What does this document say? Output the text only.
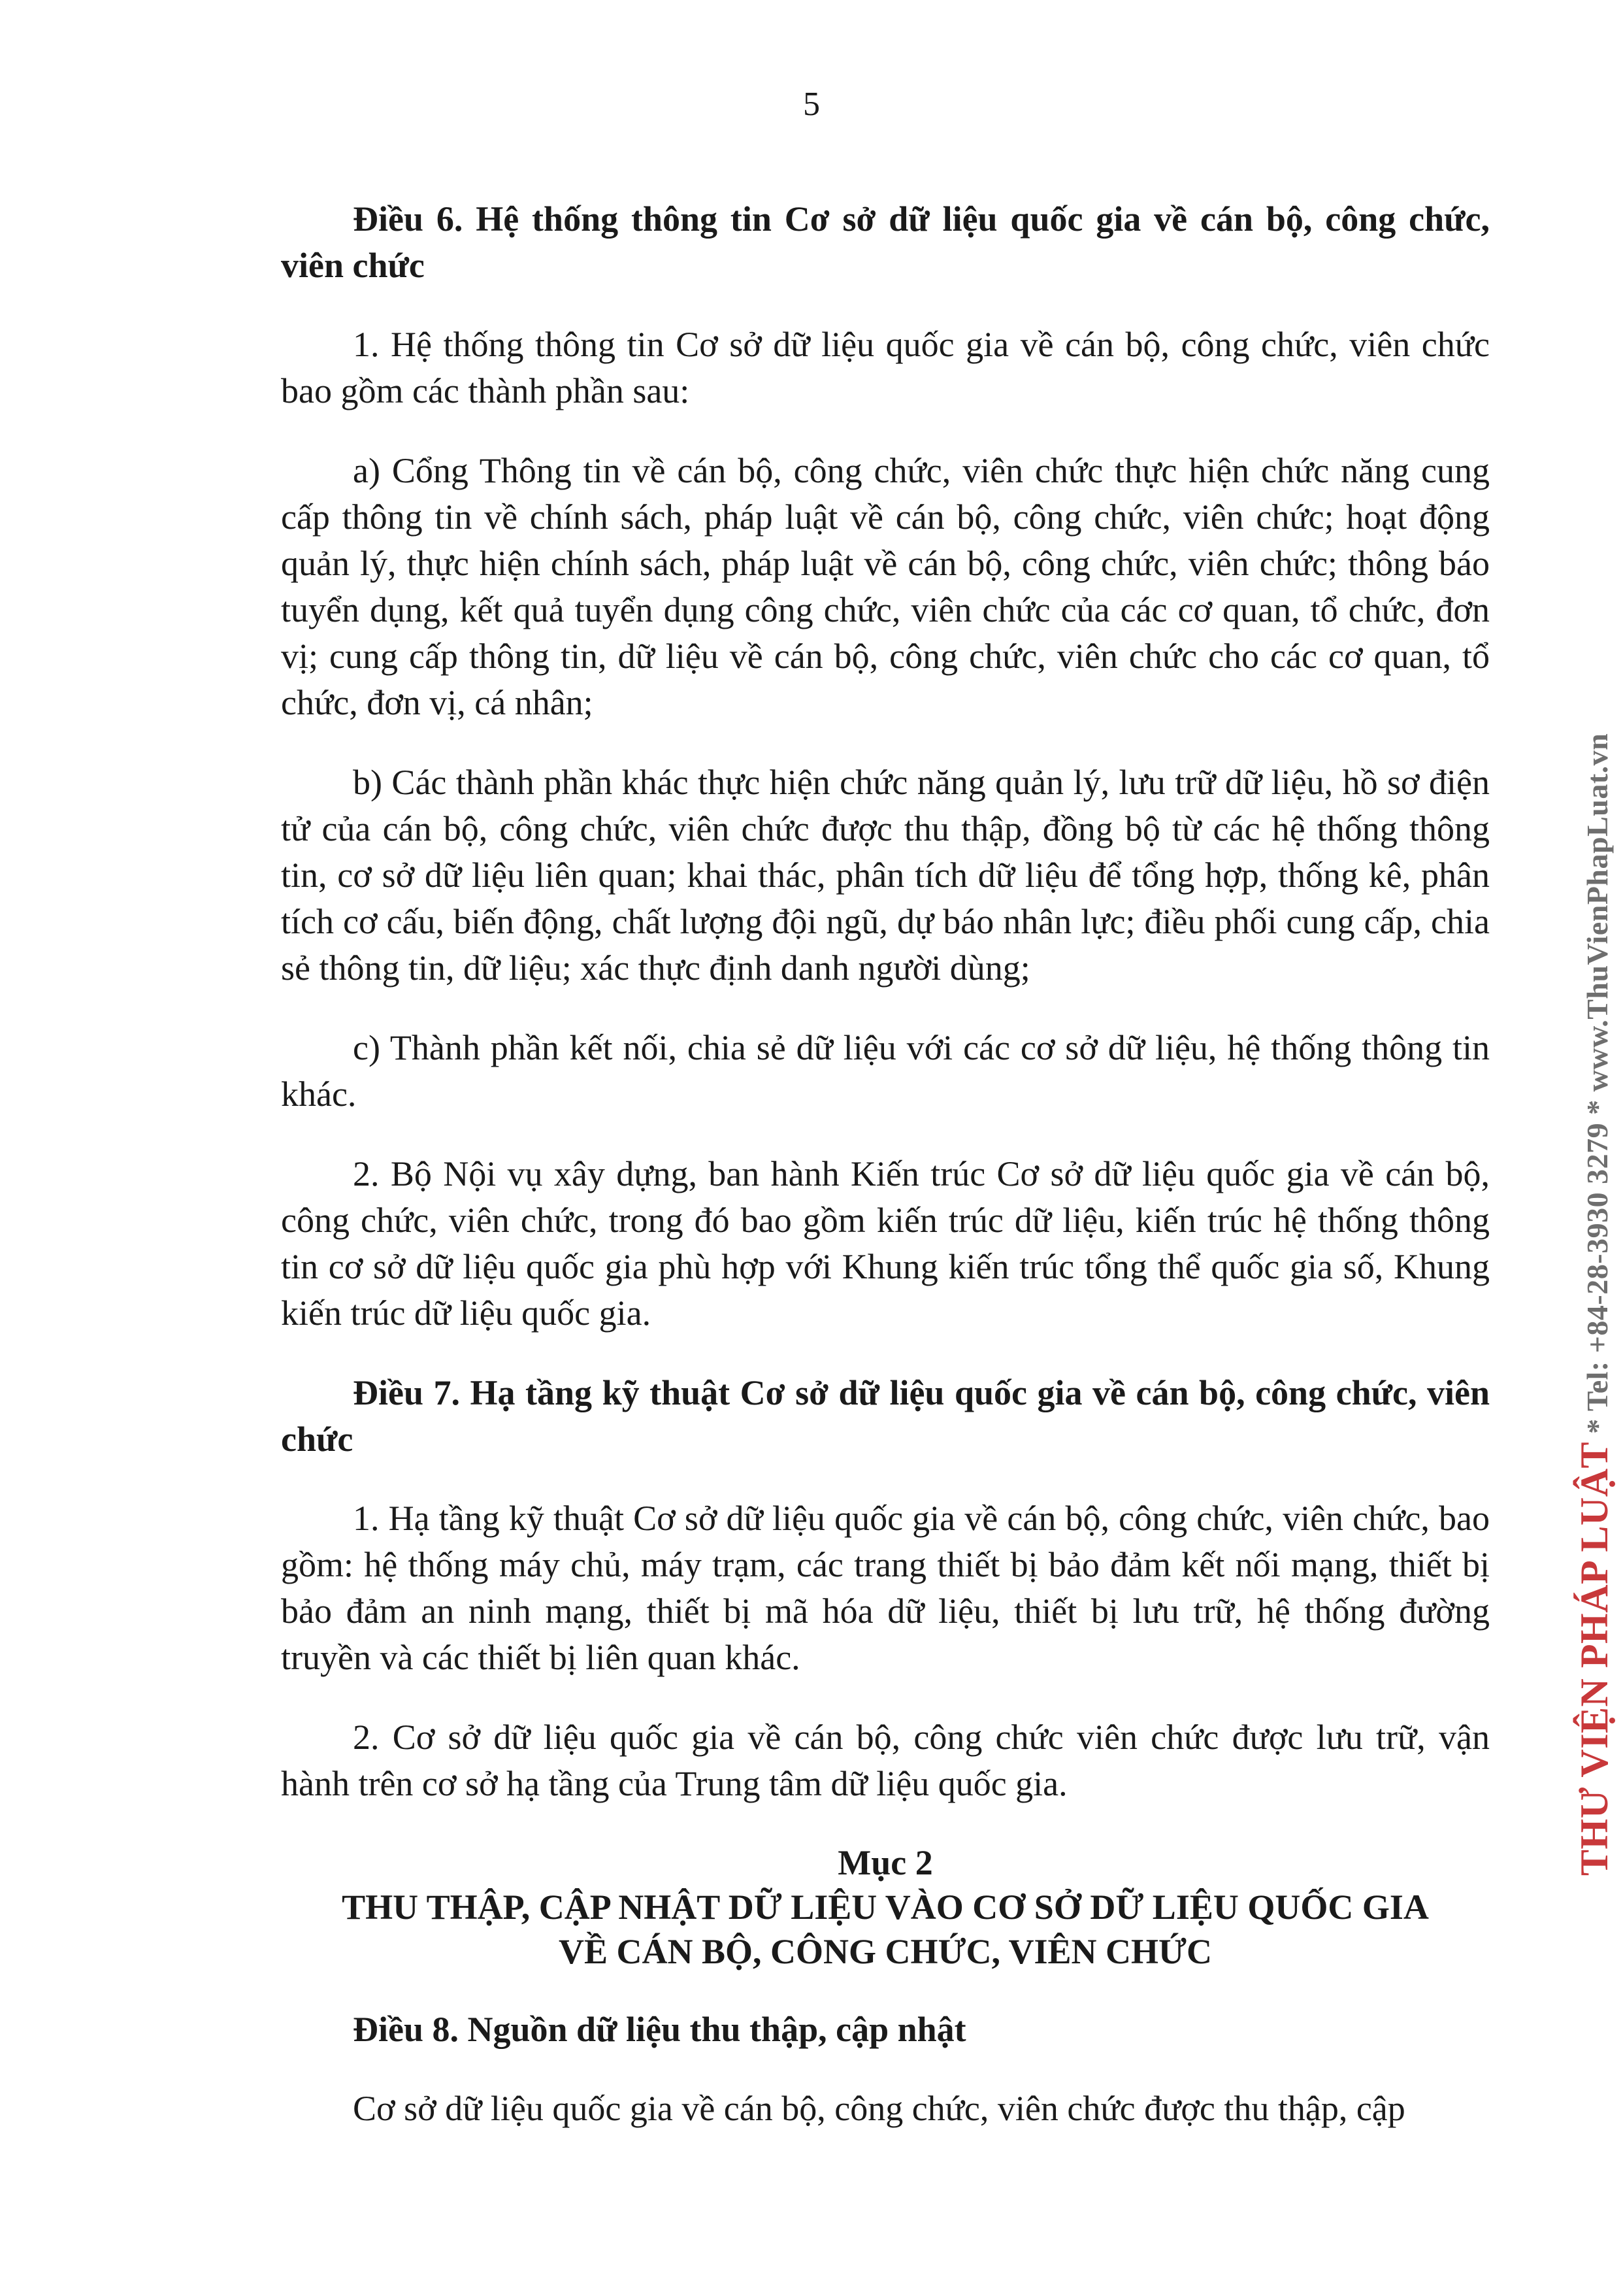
5

Điều 6. Hệ thống thông tin Cơ sở dữ liệu quốc gia về cán bộ, công chức, viên chức

1. Hệ thống thông tin Cơ sở dữ liệu quốc gia về cán bộ, công chức, viên chức bao gồm các thành phần sau:

a) Cổng Thông tin về cán bộ, công chức, viên chức thực hiện chức năng cung cấp thông tin về chính sách, pháp luật về cán bộ, công chức, viên chức; hoạt động quản lý, thực hiện chính sách, pháp luật về cán bộ, công chức, viên chức; thông báo tuyển dụng, kết quả tuyển dụng công chức, viên chức của các cơ quan, tổ chức, đơn vị; cung cấp thông tin, dữ liệu về cán bộ, công chức, viên chức cho các cơ quan, tổ chức, đơn vị, cá nhân;

b) Các thành phần khác thực hiện chức năng quản lý, lưu trữ dữ liệu, hồ sơ điện tử của cán bộ, công chức, viên chức được thu thập, đồng bộ từ các hệ thống thông tin, cơ sở dữ liệu liên quan; khai thác, phân tích dữ liệu để tổng hợp, thống kê, phân tích cơ cấu, biến động, chất lượng đội ngũ, dự báo nhân lực; điều phối cung cấp, chia sẻ thông tin, dữ liệu; xác thực định danh người dùng;

c) Thành phần kết nối, chia sẻ dữ liệu với các cơ sở dữ liệu, hệ thống thông tin khác.

2. Bộ Nội vụ xây dựng, ban hành Kiến trúc Cơ sở dữ liệu quốc gia về cán bộ, công chức, viên chức, trong đó bao gồm kiến trúc dữ liệu, kiến trúc hệ thống thông tin cơ sở dữ liệu quốc gia phù hợp với Khung kiến trúc tổng thể quốc gia số, Khung kiến trúc dữ liệu quốc gia.

Điều 7. Hạ tầng kỹ thuật Cơ sở dữ liệu quốc gia về cán bộ, công chức, viên chức

1. Hạ tầng kỹ thuật Cơ sở dữ liệu quốc gia về cán bộ, công chức, viên chức, bao gồm: hệ thống máy chủ, máy trạm, các trang thiết bị bảo đảm kết nối mạng, thiết bị bảo đảm an ninh mạng, thiết bị mã hóa dữ liệu, thiết bị lưu trữ, hệ thống đường truyền và các thiết bị liên quan khác.

2. Cơ sở dữ liệu quốc gia về cán bộ, công chức viên chức được lưu trữ, vận hành trên cơ sở hạ tầng của Trung tâm dữ liệu quốc gia.

Mục 2
THU THẬP, CẬP NHẬT DỮ LIỆU VÀO CƠ SỞ DỮ LIỆU QUỐC GIA
VỀ CÁN BỘ, CÔNG CHỨC, VIÊN CHỨC

Điều 8. Nguồn dữ liệu thu thập, cập nhật

Cơ sở dữ liệu quốc gia về cán bộ, công chức, viên chức được thu thập, cập

THƯ VIỆN PHÁP LUẬT * Tel: +84-28-3930 3279 * www.ThuVienPhapLuat.vn
